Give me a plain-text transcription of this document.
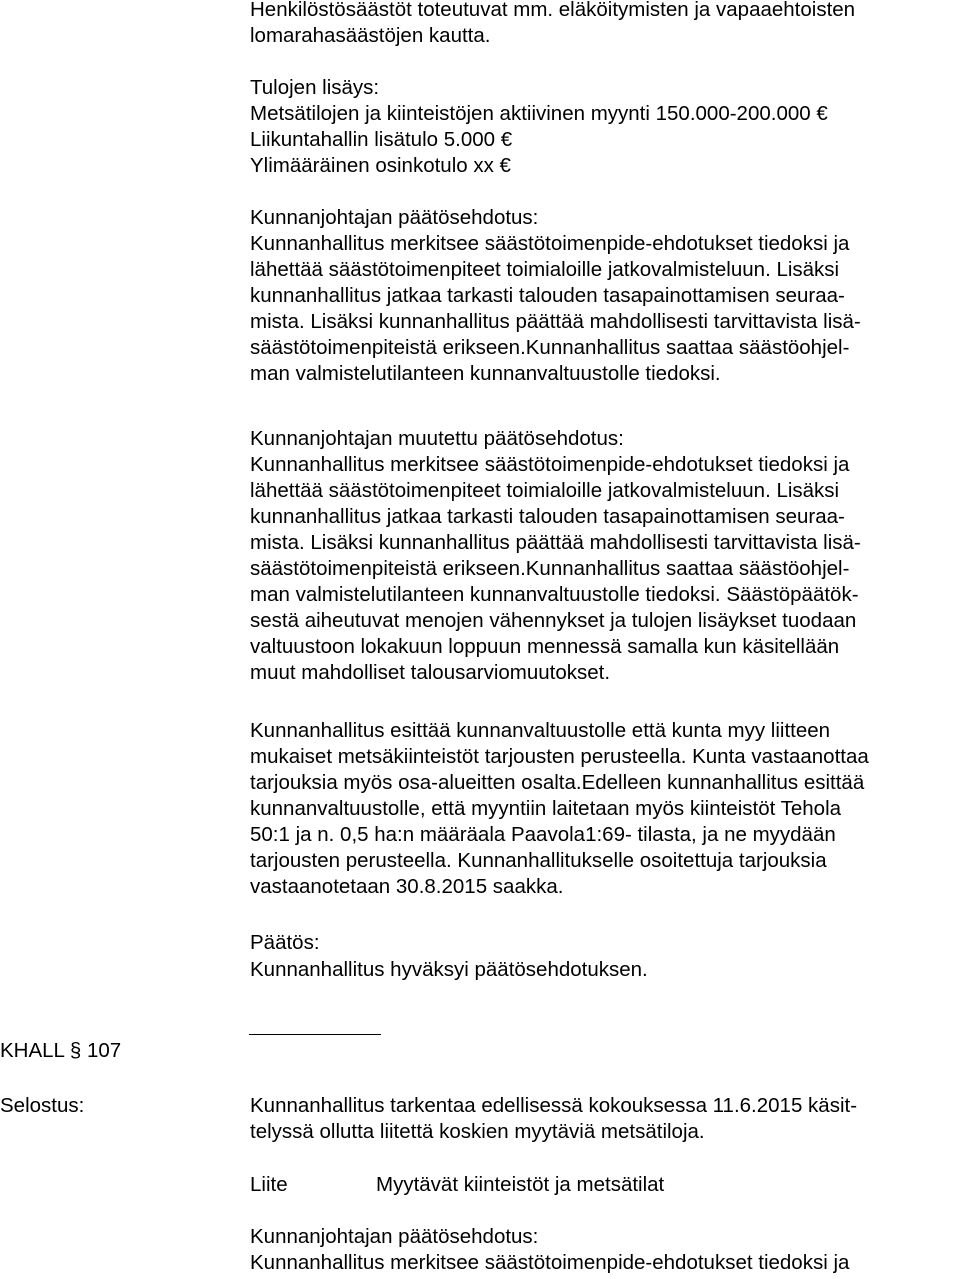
Henkilöstösäästöt toteutuvat mm. eläköitymisten ja vapaaehtoisten
lomarahasäästöjen kautta.
Tulojen lisäys:
Metsätilojen ja kiinteistöjen aktiivinen myynti 150.000-200.000 €
Liikuntahallin lisätulo 5.000 €
Ylimääräinen osinkotulo xx €
Kunnanjohtajan päätösehdotus:
Kunnanhallitus merkitsee säästötoimenpide-ehdotukset tiedoksi ja
lähettää säästötoimenpiteet toimialoille jatkovalmisteluun. Lisäksi
kunnanhallitus jatkaa tarkasti talouden tasapainottamisen seuraa-
mista. Lisäksi kunnanhallitus päättää mahdollisesti tarvittavista lisä-
säästötoimenpiteistä erikseen.Kunnanhallitus saattaa säästöohjel-
man valmistelutilanteen kunnanvaltuustolle tiedoksi.
Kunnanjohtajan muutettu päätösehdotus:
Kunnanhallitus merkitsee säästötoimenpide-ehdotukset tiedoksi ja
lähettää säästötoimenpiteet toimialoille jatkovalmisteluun. Lisäksi
kunnanhallitus jatkaa tarkasti talouden tasapainottamisen seuraa-
mista. Lisäksi kunnanhallitus päättää mahdollisesti tarvittavista lisä-
säästötoimenpiteistä erikseen.Kunnanhallitus saattaa säästöohjel-
man valmistelutilanteen kunnanvaltuustolle tiedoksi. Säästöpäätök-
sestä aiheutuvat menojen vähennykset ja tulojen lisäykset tuodaan
valtuustoon lokakuun loppuun mennessä samalla kun käsitellään
muut mahdolliset talousarviomuutokset.
Kunnanhallitus esittää kunnanvaltuustolle että kunta myy liitteen
mukaiset metsäkiinteistöt tarjousten perusteella. Kunta vastaanottaa
tarjouksia myös osa-alueitten osalta.Edelleen kunnanhallitus esittää
kunnanvaltuustolle, että myyntiin laitetaan myös kiinteistöt Tehola
50:1 ja n. 0,5 ha:n määräala Paavola1:69- tilasta, ja ne myydään
tarjousten perusteella. Kunnanhallitukselle osoitettuja tarjouksia
vastaanotetaan 30.8.2015 saakka.
Päätös:
Kunnanhallitus hyväksyi päätösehdotuksen.
KHALL § 107
Selostus:	Kunnanhallitus tarkentaa edellisessä kokouksessa 11.6.2015 käsit-
telyssä ollutta liitettä koskien myytäviä metsätiloja.
Liite	Myytävät kiinteistöt ja metsätilat
Kunnanjohtajan päätösehdotus:
Kunnanhallitus merkitsee säästötoimenpide-ehdotukset tiedoksi ja
